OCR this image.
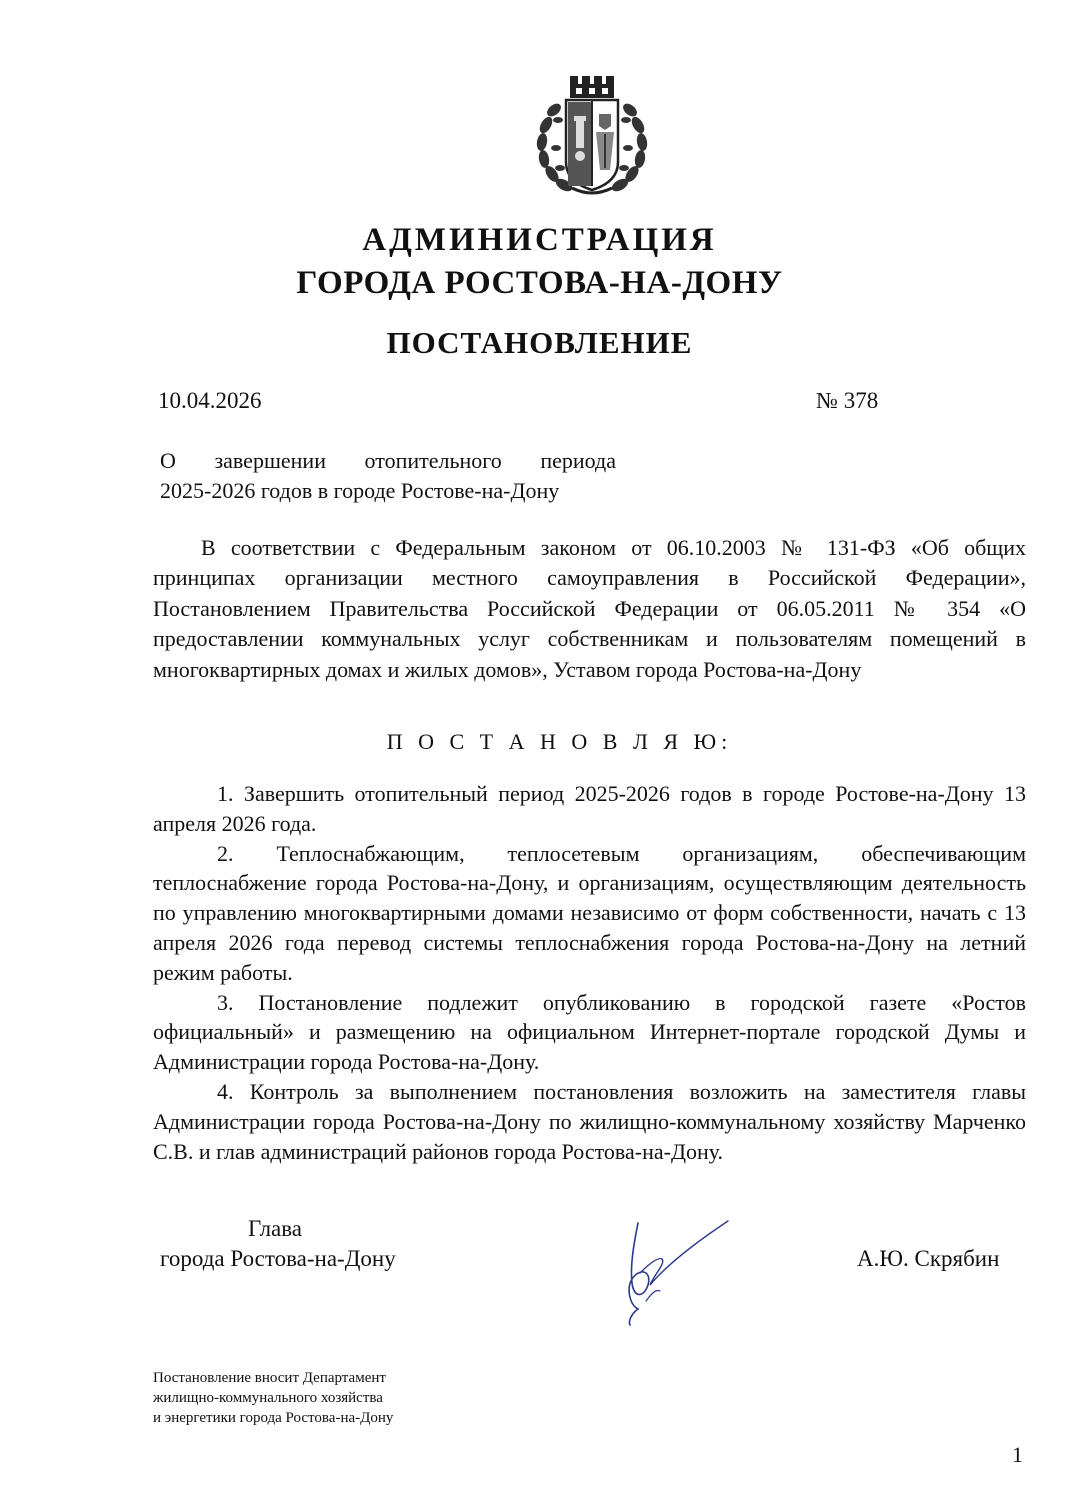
АДМИНИСТРАЦИЯ
ГОРОДА РОСТОВА-НА-ДОНУ
ПОСТАНОВЛЕНИЕ
10.04.2026	№ 378
О завершении отопительного периода
2025-2026 годов в городе Ростове-на-Дону
В соответствии с Федеральным законом от 06.10.2003 № 131-ФЗ «Об общих принципах организации местного самоуправления в Российской Федерации», Постановлением Правительства Российской Федерации от 06.05.2011 № 354 «О предоставлении коммунальных услуг собственникам и пользователям помещений в многоквартирных домах и жилых домов», Уставом города Ростова-на-Дону
П О С Т А Н О В Л Я Ю:

1. Завершить отопительный период 2025-2026 годов в городе Ростове-на-Дону 13 апреля 2026 года.

2. Теплоснабжающим, теплосетевым организациям, обеспечивающим теплоснабжение города Ростова-на-Дону, и организациям, осуществляющим деятельность по управлению многоквартирными домами независимо от форм собственности, начать с 13 апреля 2026 года перевод системы теплоснабжения города Ростова-на-Дону на летний режим работы.

3. Постановление подлежит опубликованию в городской газете «Ростов официальный» и размещению на официальном Интернет-портале городской Думы и Администрации города Ростова-на-Дону.

4. Контроль за выполнением постановления возложить на заместителя главы Администрации города Ростова-на-Дону по жилищно-коммунальному хозяйству Марченко С.В. и глав администраций районов города Ростова-на-Дону.

Глава
города Ростова-на-Дону	А.Ю. Скрябин
Постановление вносит Департамент
жилищно-коммунального хозяйства
и энергетики города Ростова-на-Дону
1
